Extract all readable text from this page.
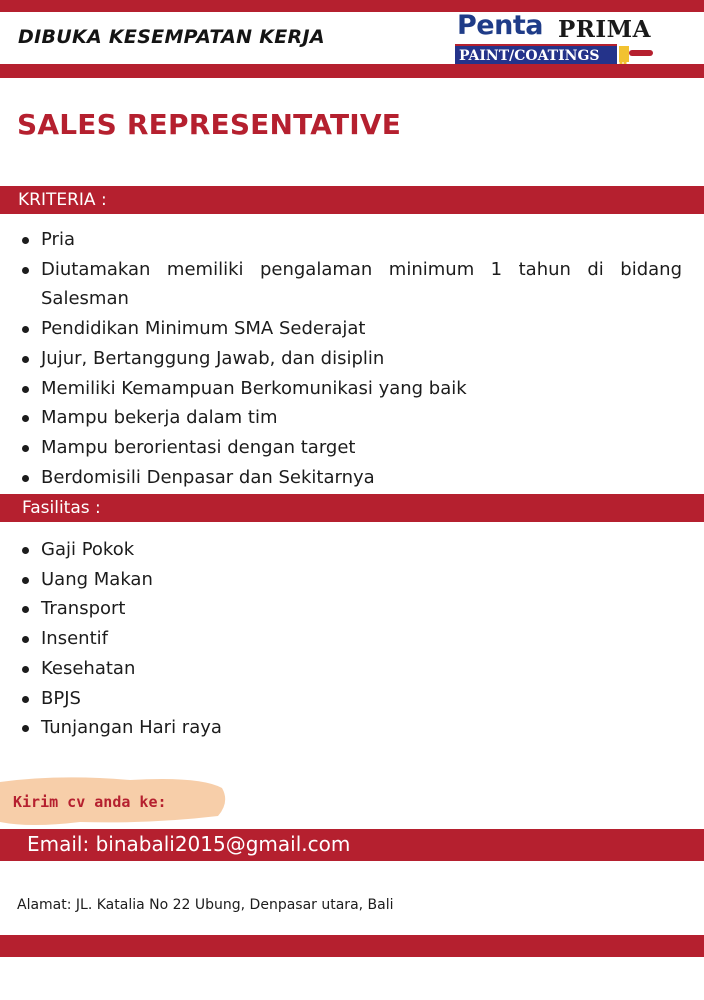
DIBUKA KESEMPATAN KERJA	Penta PRIMA
PAINT/COATINGS
SALES REPRESENTATIVE
KRITERIA :
Pria
Diutamakan memiliki pengalaman minimum 1 tahun di bidang Salesman
Pendidikan Minimum SMA Sederajat
Jujur, Bertanggung Jawab, dan disiplin
Memiliki Kemampuan Berkomunikasi yang baik
Mampu bekerja dalam tim
Mampu berorientasi dengan target
Berdomisili Denpasar dan Sekitarnya
Fasilitas :
Gaji Pokok
Uang Makan
Transport
Insentif
Kesehatan
BPJS
Tunjangan Hari raya
Kirim cv anda ke:
Email: binabali2015@gmail.com
Alamat: JL. Katalia No 22 Ubung, Denpasar utara, Bali
